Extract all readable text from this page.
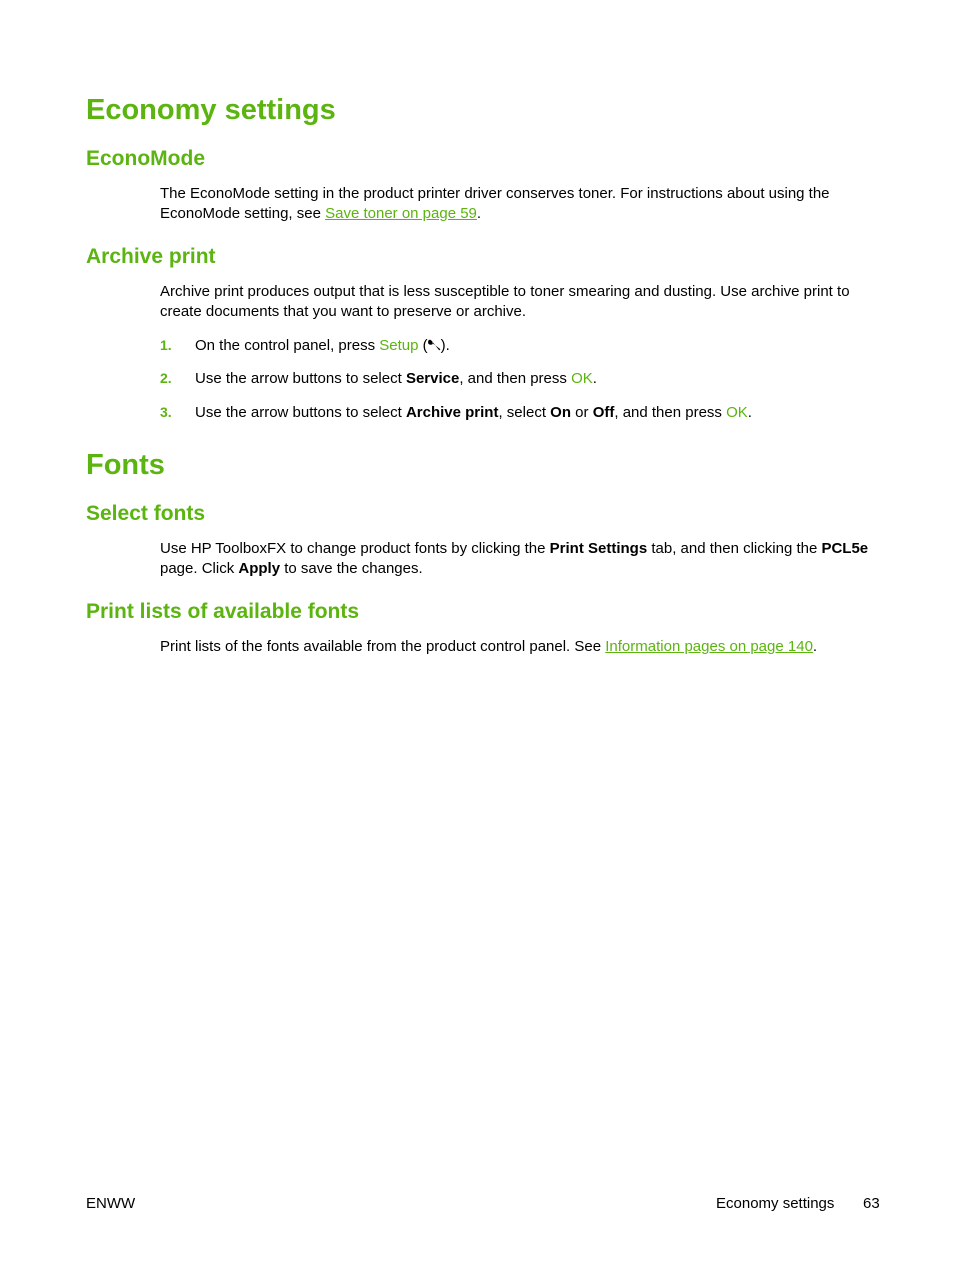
Economy settings
EconoMode

The EconoMode setting in the product printer driver conserves toner. For instructions about using the EconoMode setting, see Save toner on page 59.

Archive print

Archive print produces output that is less susceptible to toner smearing and dusting. Use archive print to create documents that you want to preserve or archive.

1. On the control panel, press Setup ( ).
2. Use the arrow buttons to select Service, and then press OK.
3. Use the arrow buttons to select Archive print, select On or Off, and then press OK.
Fonts
Select fonts

Use HP ToolboxFX to change product fonts by clicking the Print Settings tab, and then clicking the PCL5e page. Click Apply to save the changes.

Print lists of available fonts

Print lists of the fonts available from the product control panel. See Information pages on page 140.

ENWW	Economy settings 63
